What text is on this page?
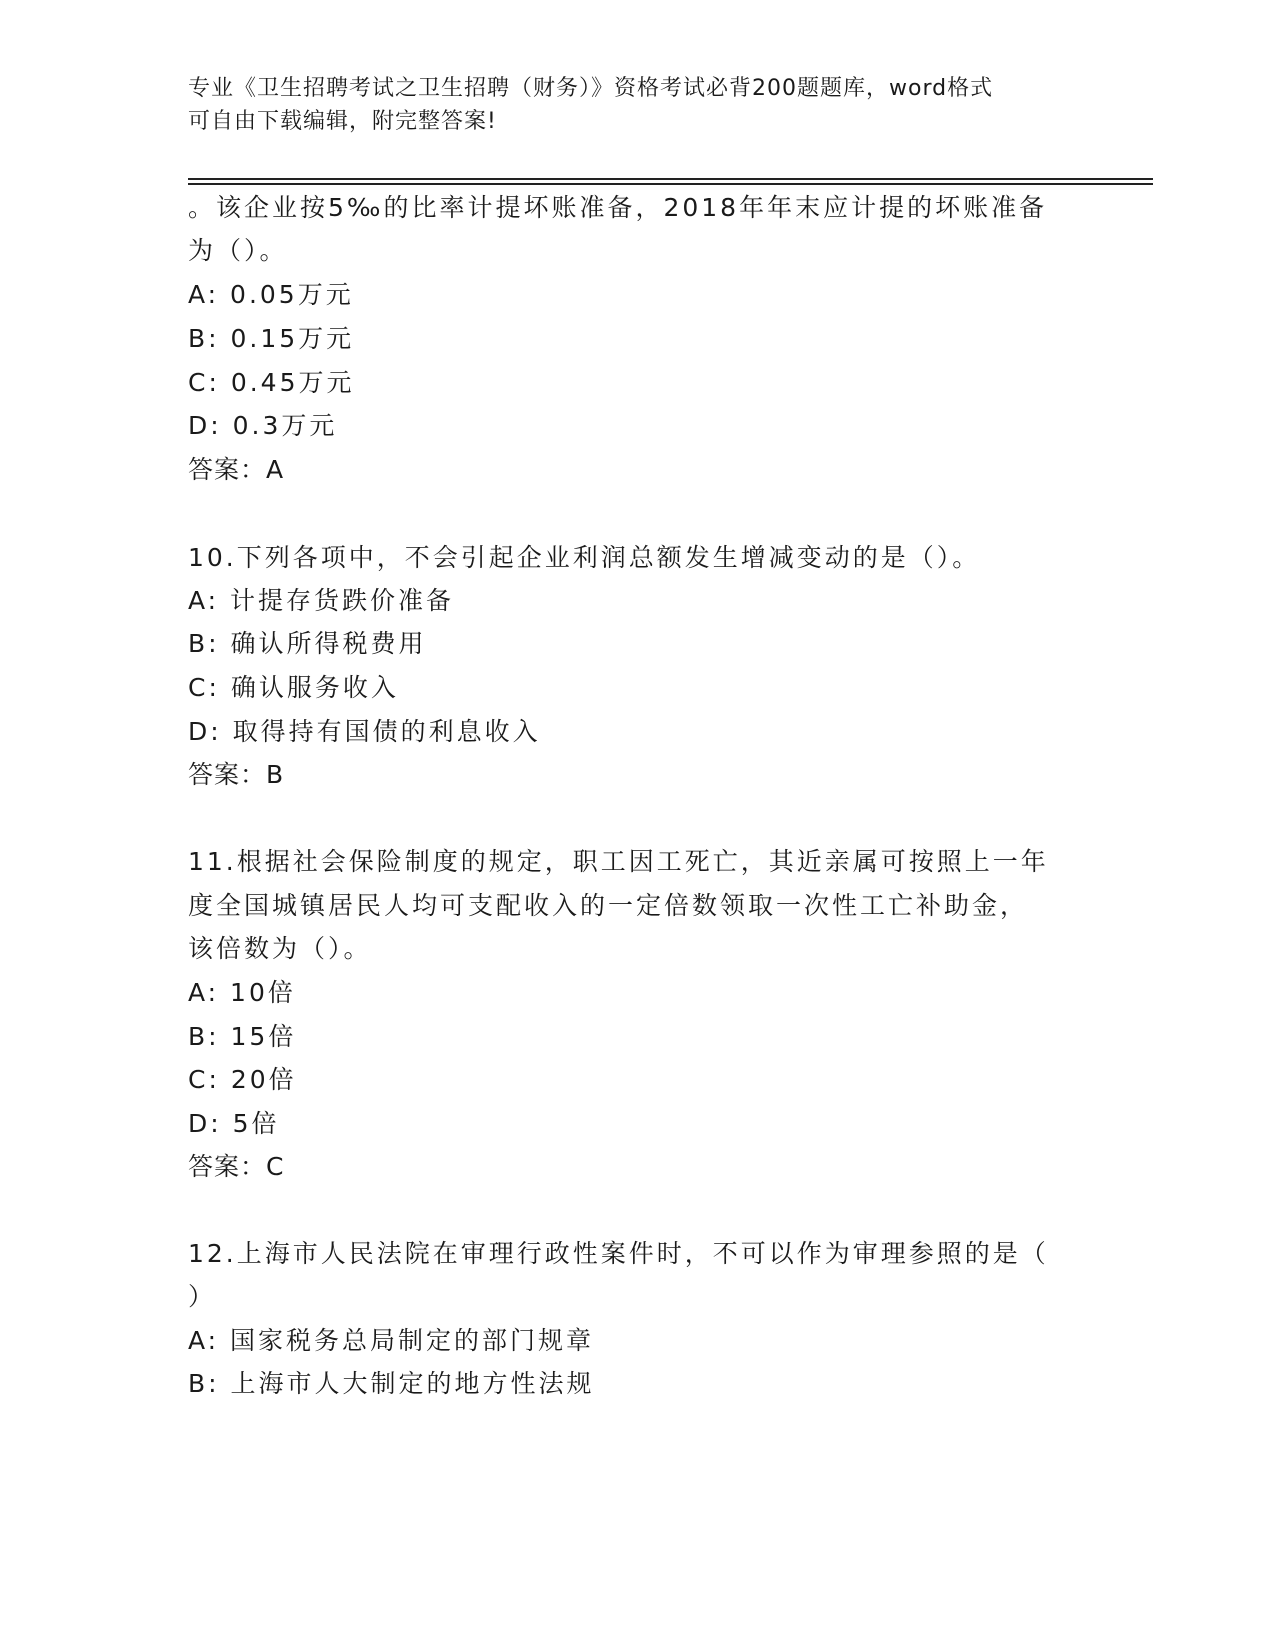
专业《卫生招聘考试之卫生招聘（财务）》资格考试必背200题题库，word格式
可自由下载编辑，附完整答案!
。该企业按5‰的比率计提坏账准备，2018年年末应计提的坏账准备
为（）。
A: 0.05万元
B: 0.15万元
C: 0.45万元
D: 0.3万元
答案：A
10.下列各项中，不会引起企业利润总额发生增减变动的是（）。
A: 计提存货跌价准备
B: 确认所得税费用
C: 确认服务收入
D: 取得持有国债的利息收入
答案：B
11.根据社会保险制度的规定，职工因工死亡，其近亲属可按照上一年
度全国城镇居民人均可支配收入的一定倍数领取一次性工亡补助金，
该倍数为（）。
A: 10倍
B: 15倍
C: 20倍
D: 5倍
答案：C
12.上海市人民法院在审理行政性案件时，不可以作为审理参照的是（
）
A: 国家税务总局制定的部门规章
B: 上海市人大制定的地方性法规
